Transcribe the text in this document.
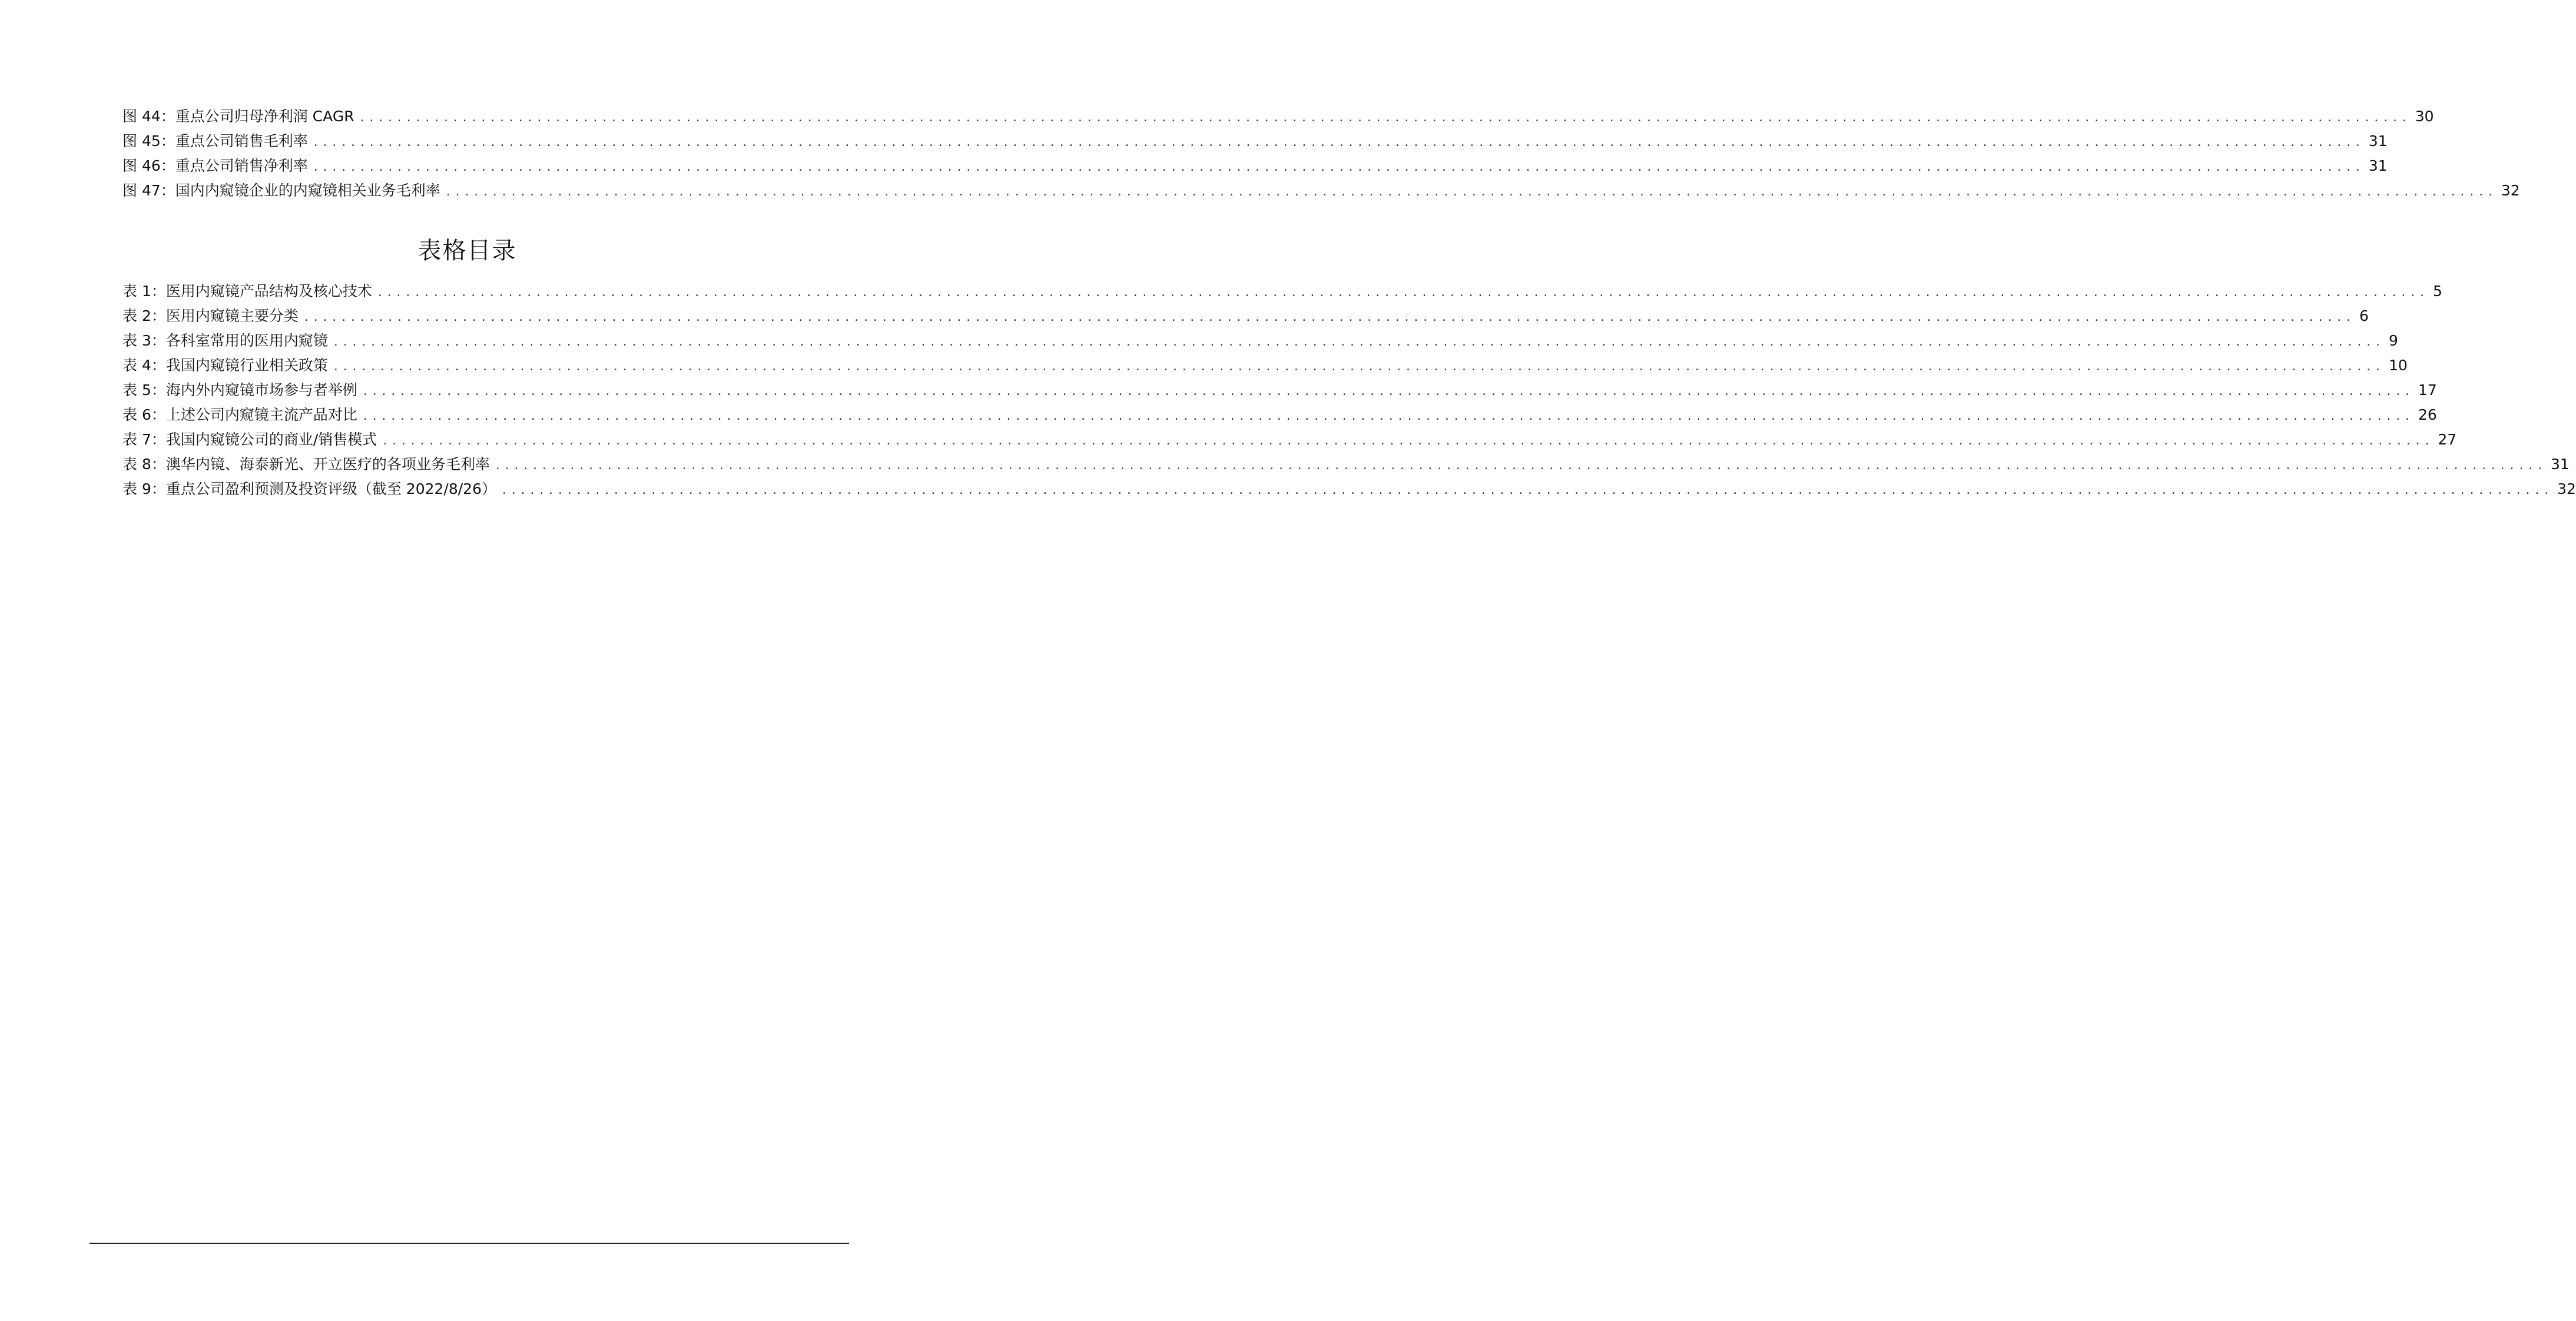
图 44：重点公司归母净利润 CAGR ............................................................................................................................................................................................................................ 30
图 45：重点公司销售毛利率 ............................................................................................................................................................................................................................ 31
图 46：重点公司销售净利率 ............................................................................................................................................................................................................................ 31
图 47：国内内窥镜企业的内窥镜相关业务毛利率 ............................................................................................................................................................................................................................ 32
表格目录
表 1：医用内窥镜产品结构及核心技术 ............................................................................................................................................................................................................................ 5
表 2：医用内窥镜主要分类 ............................................................................................................................................................................................................................ 6
表 3：各科室常用的医用内窥镜 ............................................................................................................................................................................................................................ 9
表 4：我国内窥镜行业相关政策 ............................................................................................................................................................................................................................ 10
表 5：海内外内窥镜市场参与者举例 ............................................................................................................................................................................................................................ 17
表 6：上述公司内窥镜主流产品对比 ............................................................................................................................................................................................................................ 26
表 7：我国内窥镜公司的商业/销售模式 ............................................................................................................................................................................................................................ 27
表 8：澳华内镜、海泰新光、开立医疗的各项业务毛利率 ............................................................................................................................................................................................................................ 31
表 9：重点公司盈利预测及投资评级（截至 2022/8/26） ............................................................................................................................................................................................................................ 32
